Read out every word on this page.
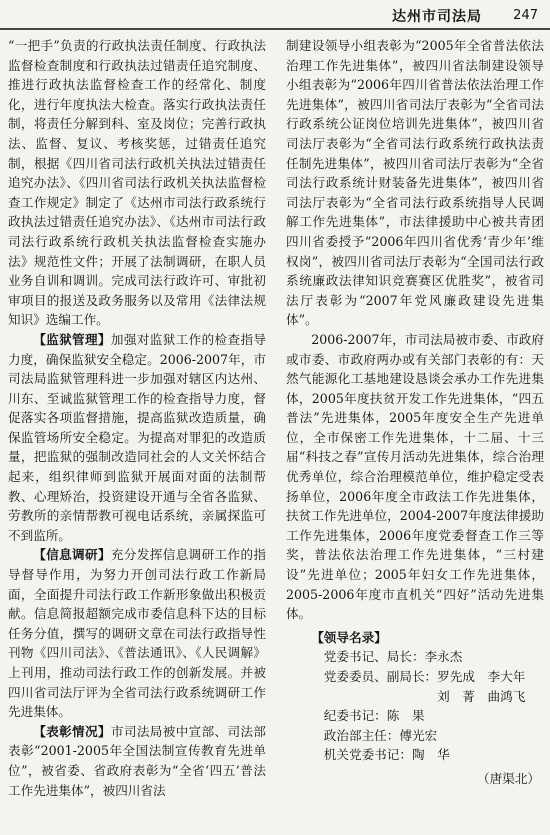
达州市司法局 247

“一把手”负责的行政执法责任制度、行政执法监督检查制度和行政执法过错责任追究制度、推进行政执法监督检查工作的经常化、制度化，进行年度执法大检查。落实行政执法责任制，将责任分解到科、室及岗位；完善行政执法、监督、复议、考核奖惩，过错责任追究制，根据《四川省司法行政机关执法过错责任追究办法》、《四川省司法行政机关执法监督检查工作规定》制定了《达州市司法行政系统行政执法过错责任追究办法》、《达州市司法行政司法行政系统行政机关执法监督检查实施办法》规范性文件；开展了法制调研，在职人员业务自训和调训。完成司法行政许可、审批初审项目的报送及政务服务以及常用《法律法规知识》选编工作。

【监狱管理】加强对监狱工作的检查指导力度，确保监狱安全稳定。2006-2007年，市司法局监狱管理科进一步加强对辖区内达州、川东、至诚监狱管理工作的检查指导力度，督促落实各项监督措施，提高监狱改造质量，确保监管场所安全稳定。为提高对罪犯的改造质量，把监狱的强制改造同社会的人文关怀结合起来，组织律师到监狱开展面对面的法制帮教、心理矫治，投资建设开通与全省各监狱、劳教所的亲情帮教可视电话系统，亲属探监可不到监所。

【信息调研】充分发挥信息调研工作的指导督导作用，为努力开创司法行政工作新局面，全面提升司法行政工作新形象做出积极贡献。信息简报超额完成市委信息科下达的目标任务分值，撰写的调研文章在司法行政指导性刊物《四川司法》、《普法通讯》、《人民调解》上刊用，推动司法行政工作的创新发展。并被四川省司法厅评为全省司法行政系统调研工作先进集体。

【表彰情况】市司法局被中宣部、司法部表彰“2001-2005年全国法制宣传教育先进单位”，被省委、省政府表彰为“全省‘四五’普法工作先进集体”，被四川省法

制建设领导小组表彰为“2005年全省普法依法治理工作先进集体”，被四川省法制建设领导小组表彰为“2006年四川省普法依法治理工作先进集体”，被四川省司法厅表彰为“全省司法行政系统公证岗位培训先进集体”，被四川省司法厅表彰为“全省司法行政系统行政执法责任制先进集体”，被四川省司法厅表彰为“全省司法行政系统计财装备先进集体”，被四川省司法厅表彰为“全省司法行政系统指导人民调解工作先进集体”，市法律援助中心被共青团四川省委授予“2006年四川省优秀‘青少年’维权岗”，被四川省司法厅表彰为“全国司法行政系统廉政法律知识竞赛赛区优胜奖”，被省司法厅表彰为“2007年党风廉政建设先进集体”。

2006-2007年，市司法局被市委、市政府或市委、市政府两办或有关部门表彰的有：天然气能源化工基地建设恳谈会承办工作先进集体，2005年度扶贫开发工作先进集体，“四五普法”先进集体，2005年度安全生产先进单位，全市保密工作先进集体，十二届、十三届“科技之春”宣传月活动先进集体，综合治理优秀单位，综合治理模范单位，维护稳定受表扬单位，2006年度全市政法工作先进集体，扶贫工作先进单位，2004-2007年度法律援助工作先进集体，2006年度党委督查工作三等奖，普法依法治理工作先进集体，“三村建设”先进单位；2005年妇女工作先进集体，2005-2006年度市直机关“四好”活动先进集体。

【领导名录】
党委书记、局长：李永杰
党委委员、副局长：罗先成　李大年
　　　　　　　　　刘　菁　曲鸿飞
纪委书记：陈　果
政治部主任：傅光宏
机关党委书记：陶　华
（唐渠北）
